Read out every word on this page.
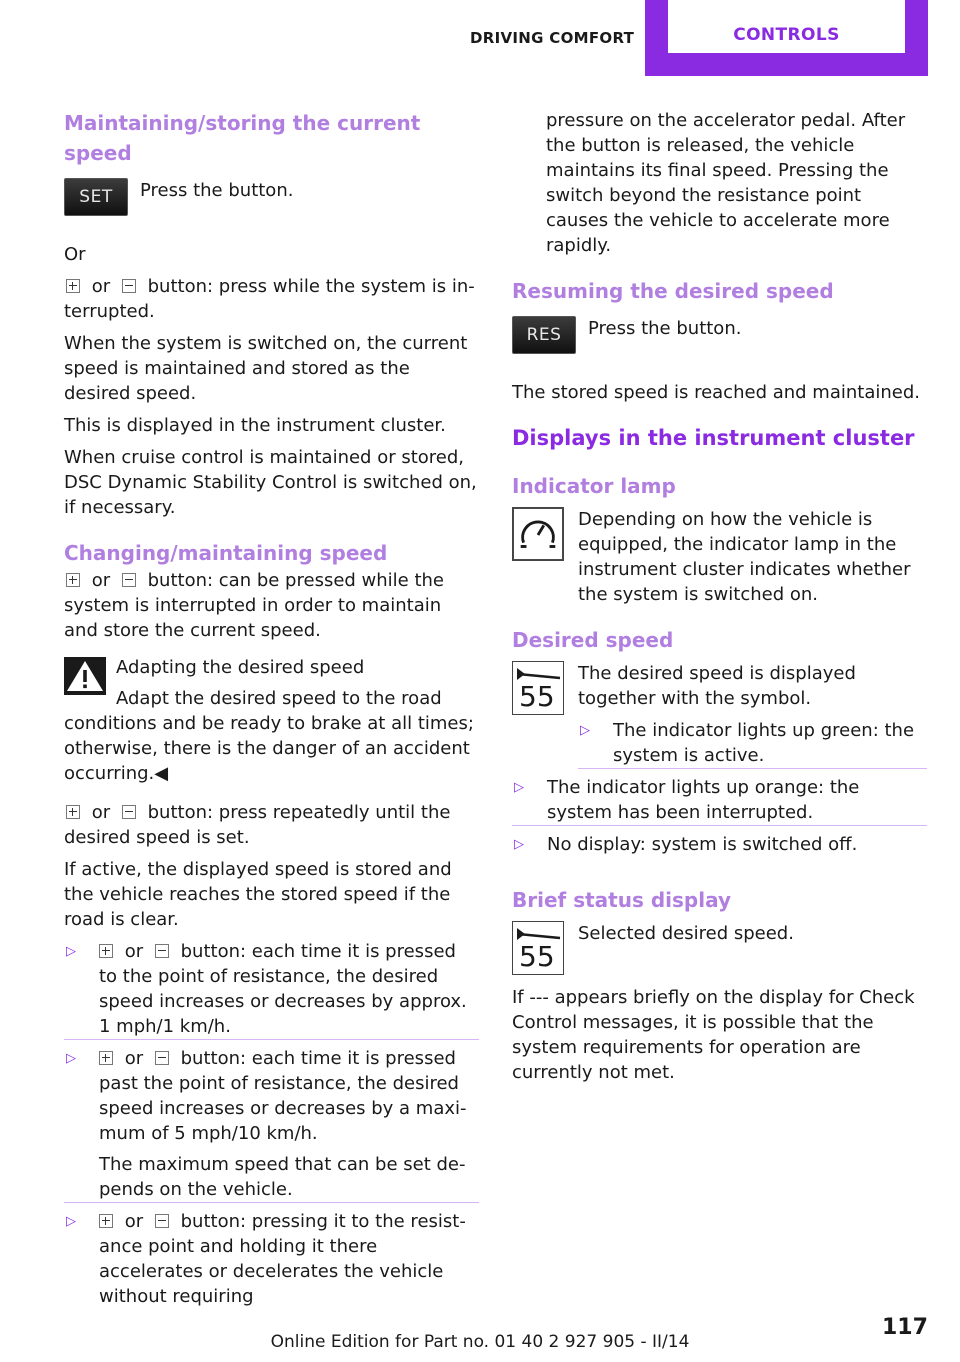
DRIVING COMFORT	CONTROLS
Maintaining/storing the current speed
SET	Press the button.

Or

or button: press while the system is interrupted.

When the system is switched on, the current speed is maintained and stored as the desired speed.

This is displayed in the instrument cluster.

When cruise control is maintained or stored, DSC Dynamic Stability Control is switched on, if necessary.

Changing/maintaining speed

or button: can be pressed while the system is interrupted in order to maintain and store the current speed.

Adapting the desired speed

Adapt the desired speed to the road conditions and be ready to brake at all times; otherwise, there is the danger of an accident occurring.◀

or button: press repeatedly until the desired speed is set.

If active, the displayed speed is stored and the vehicle reaches the stored speed if the road is clear.

▷ or button: each time it is pressed to the point of resistance, the desired speed increases or decreases by approx. 1 mph/1 km/h.
▷ or button: each time it is pressed past the point of resistance, the desired speed increases or decreases by a maximum of 5 mph/10 km/h.

The maximum speed that can be set depends on the vehicle.
▷ or button: pressing it to the resistance point and holding it there accelerates or decelerates the vehicle without requiring

pressure on the accelerator pedal. After the button is released, the vehicle maintains its final speed. Pressing the switch beyond the resistance point causes the vehicle to accelerate more rapidly.

Resuming the desired speed
RES	Press the button.

The stored speed is reached and maintained.

Displays in the instrument cluster
Indicator lamp

Depending on how the vehicle is equipped, the indicator lamp in the instrument cluster indicates whether the system is switched on.

Desired speed
55

The desired speed is displayed together with the symbol.

▷ The indicator lights up green: the system is active.
▷ The indicator lights up orange: the system has been interrupted.
▷ No display: system is switched off.
Brief status display
55

Selected desired speed.

If --- appears briefly on the display for Check Control messages, it is possible that the system requirements for operation are currently not met.

117
Online Edition for Part no. 01 40 2 927 905 - II/14
